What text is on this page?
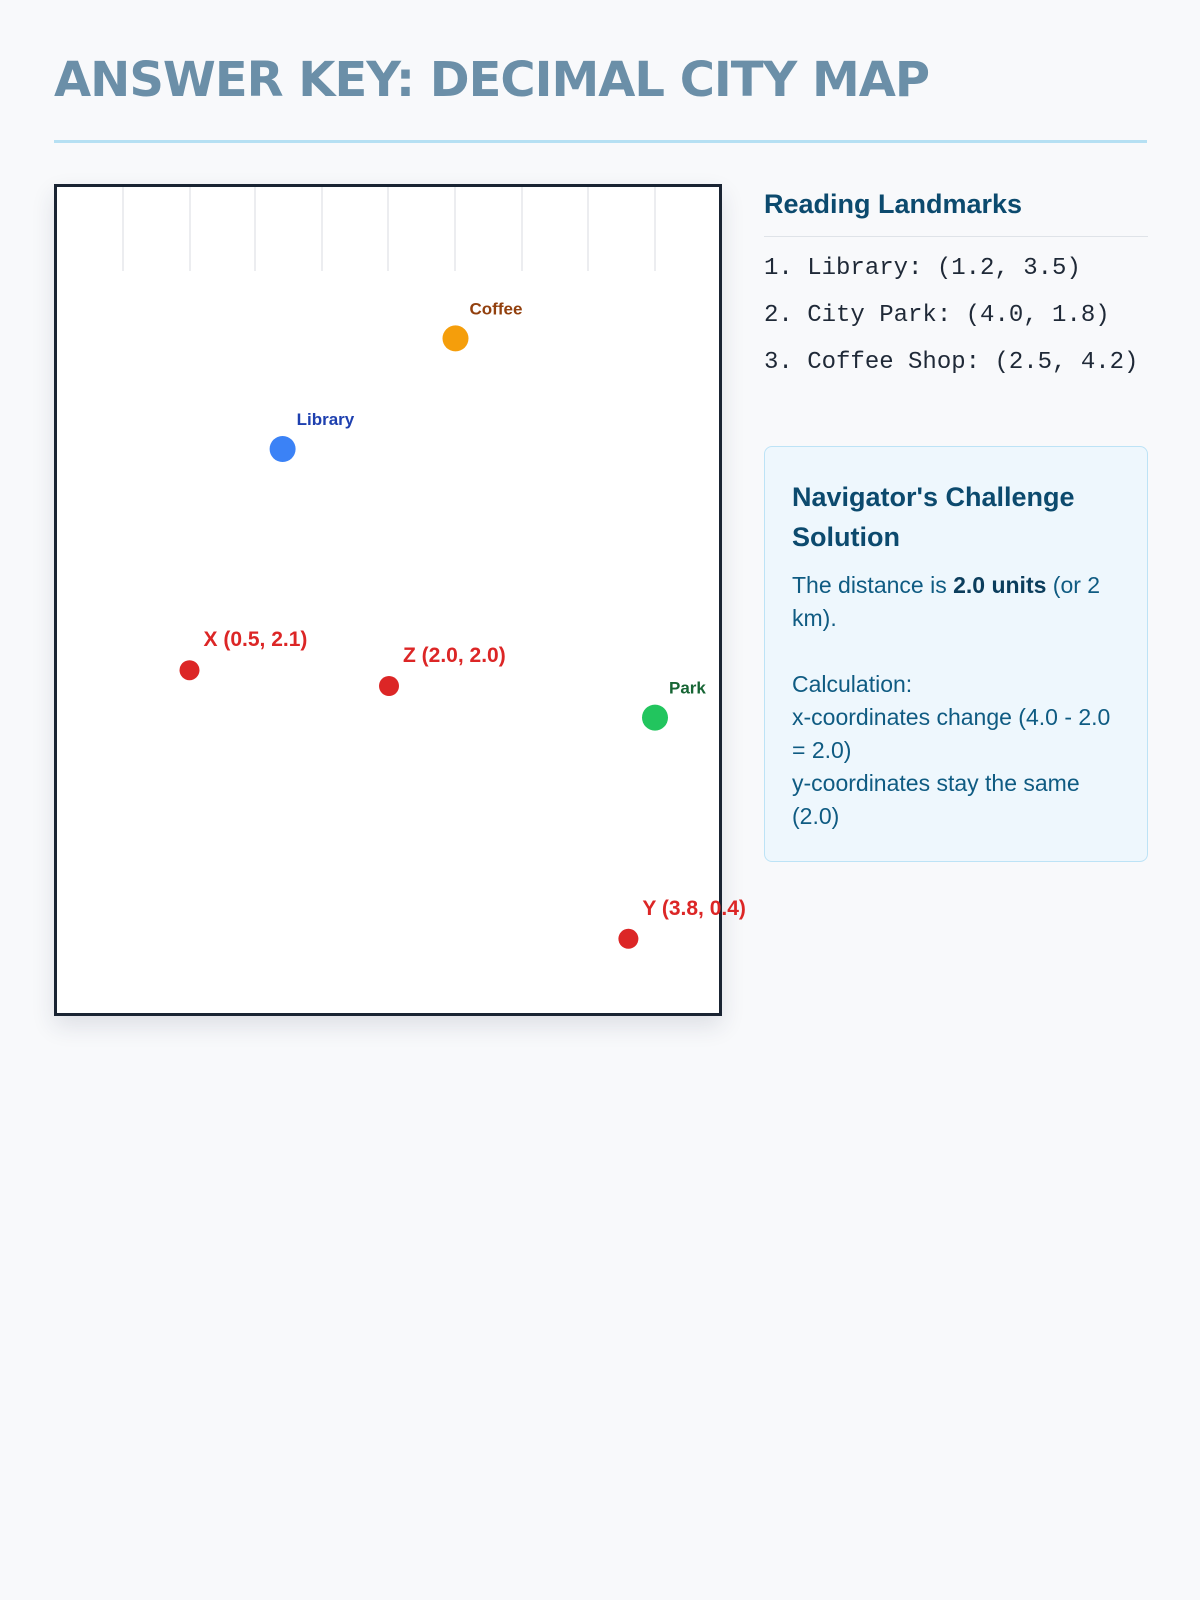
ANSWER KEY: DECIMAL CITY MAP
Library
Park
Coffee
X (0.5, 2.1)
Z (2.0, 2.0)
Y (3.8, 0.4)
Reading Landmarks
1. Library: (1.2, 3.5)
2. City Park: (4.0, 1.8)
3. Coffee Shop: (2.5, 4.2)
Navigator's Challenge Solution
The distance is 2.0 units (or 2 km).
Calculation:
x-coordinates change (4.0 - 2.0 = 2.0)
y-coordinates stay the same (2.0)
